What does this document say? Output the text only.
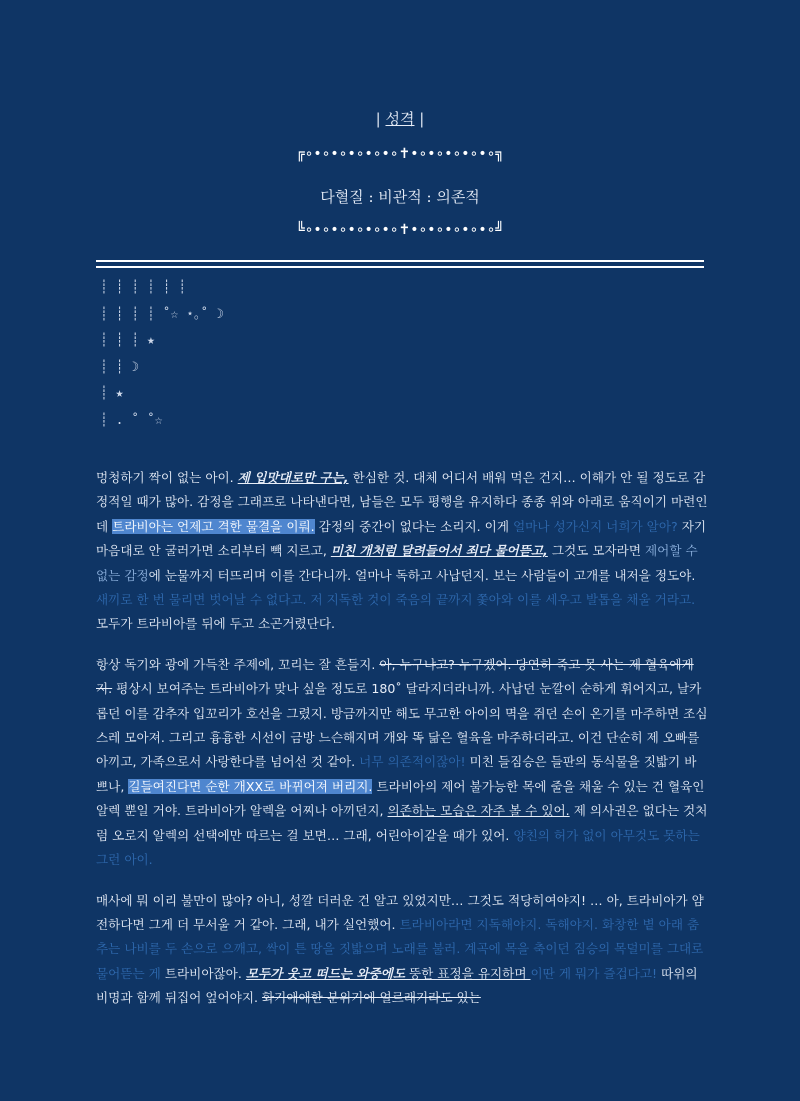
| 성격 |
╔∘•∘•∘•∘•∘•∘✝•∘•∘•∘•∘•∘╗
다혈질 : 비관적 : 의존적
╚∘•∘•∘•∘•∘•∘✝•∘•∘•∘•∘•∘╝
┊ ┊ ┊ ┊ ┊ ┊
┊ ┊ ┊ ┊ ˚☆ ⋆｡˚ ☽
┊ ┊ ┊ ★
┊ ┊ ☽
┊ ★
┊ . ˚ ˚☆

멍청하기 짝이 없는 아이. 제 입맛대로만 구는, 한심한 것. 대체 어디서 배워 먹은 건지… 이해가 안 될 정도로 감정적일 때가 많아. 감정을 그래프로 나타낸다면, 남들은 모두 평행을 유지하다 종종 위와 아래로 움직이기 마련인데 트라비아는 언제고 격한 물결을 이뤄. 감정의 중간이 없다는 소리지. 이게 얼마나 성가신지 너희가 알아? 자기 마음대로 안 굴러가면 소리부터 빽 지르고, 미친 개처럼 달려들어서 죄다 물어뜯고, 그것도 모자라면 제어할 수 없는 감정에 눈물까지 터뜨리며 이를 간다니까. 얼마나 독하고 사납던지. 보는 사람들이 고개를 내저을 정도야. 새끼로 한 번 물리면 벗어날 수 없다고. 저 지독한 것이 죽음의 끝까지 쫓아와 이를 세우고 발톱을 채울 거라고. 모두가 트라비아를 뒤에 두고 소곤거렸단다.

항상 독기와 광에 가득찬 주제에, 꼬리는 잘 흔들지. 아, 누구냐고? 누구겠어. 당연히 죽고 못 사는 제 혈육에게지. 평상시 보여주는 트라비아가 맞나 싶을 정도로 180˚ 달라지더라니까. 사납던 눈깔이 순하게 휘어지고, 날카롭던 이를 감추자 입꼬리가 호선을 그렸지. 방금까지만 해도 무고한 아이의 멱을 쥐던 손이 온기를 마주하면 조심스레 모아져. 그리고 흉흉한 시선이 금방 느슨해지며 개와 똑 닮은 혈육을 마주하더라고. 이건 단순히 제 오빠를 아끼고, 가족으로서 사랑한다를 넘어선 것 같아. 너무 의존적이잖아! 미친 들짐승은 들판의 동식물을 짓밟기 바쁘나, 길들여진다면 순한 개XX로 바뀌어져 버리지. 트라비아의 제어 불가능한 목에 줄을 채울 수 있는 건 혈육인 알렉 뿐일 거야. 트라비아가 알렉을 어찌나 아끼던지, 의존하는 모습은 자주 볼 수 있어. 제 의사권은 없다는 것처럼 오로지 알렉의 선택에만 따르는 걸 보면… 그래, 어린아이같을 때가 있어. 양친의 허가 없이 아무것도 못하는 그런 아이.

매사에 뭐 이리 불만이 많아? 아니, 성깔 더러운 건 알고 있었지만… 그것도 적당히여야지! … 아, 트라비아가 얌전하다면 그게 더 무서울 거 같아. 그래, 내가 실언했어. 트라비아라면 지독해야지. 독해야지. 화창한 볕 아래 춤추는 나비를 두 손으로 으깨고, 싹이 튼 땅을 짓밟으며 노래를 불러. 계곡에 목을 축이던 짐승의 목덜미를 그대로 물어뜯는 게 트라비아잖아. 모두가 웃고 떠드는 와중에도 뚱한 표정을 유지하며 이딴 게 뭐가 즐겁다고! 따위의 비명과 함께 뒤집어 엎어야지. 화기애애한 분위기에 얼르래기라도 있는
